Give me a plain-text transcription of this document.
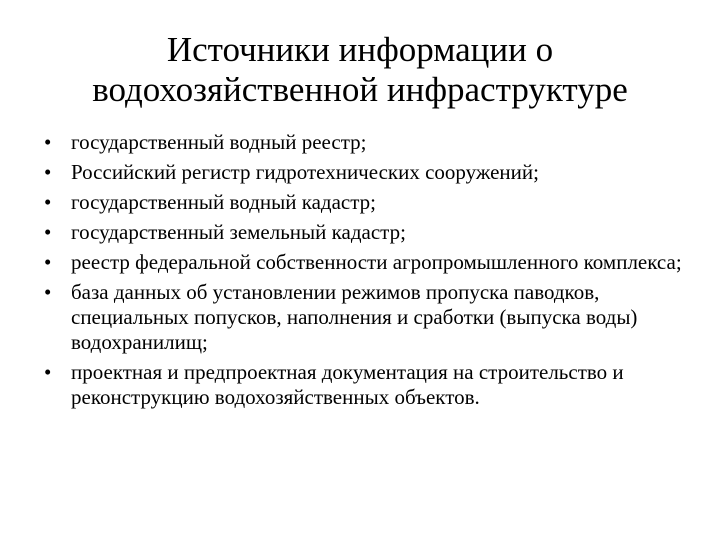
Источники информации о
водохозяйственной инфраструктуре
• государственный водный реестр;
• Российский регистр гидротехнических сооружений;
• государственный водный кадастр;
• государственный земельный кадастр;
• реестр федеральной собственности агропромышленного комплекса;
• база данных об установлении режимов пропуска паводков, специальных попусков, наполнения и сработки (выпуска воды) водохранилищ;
• проектная и предпроектная документация на строительство и реконструкцию водохозяйственных объектов.
